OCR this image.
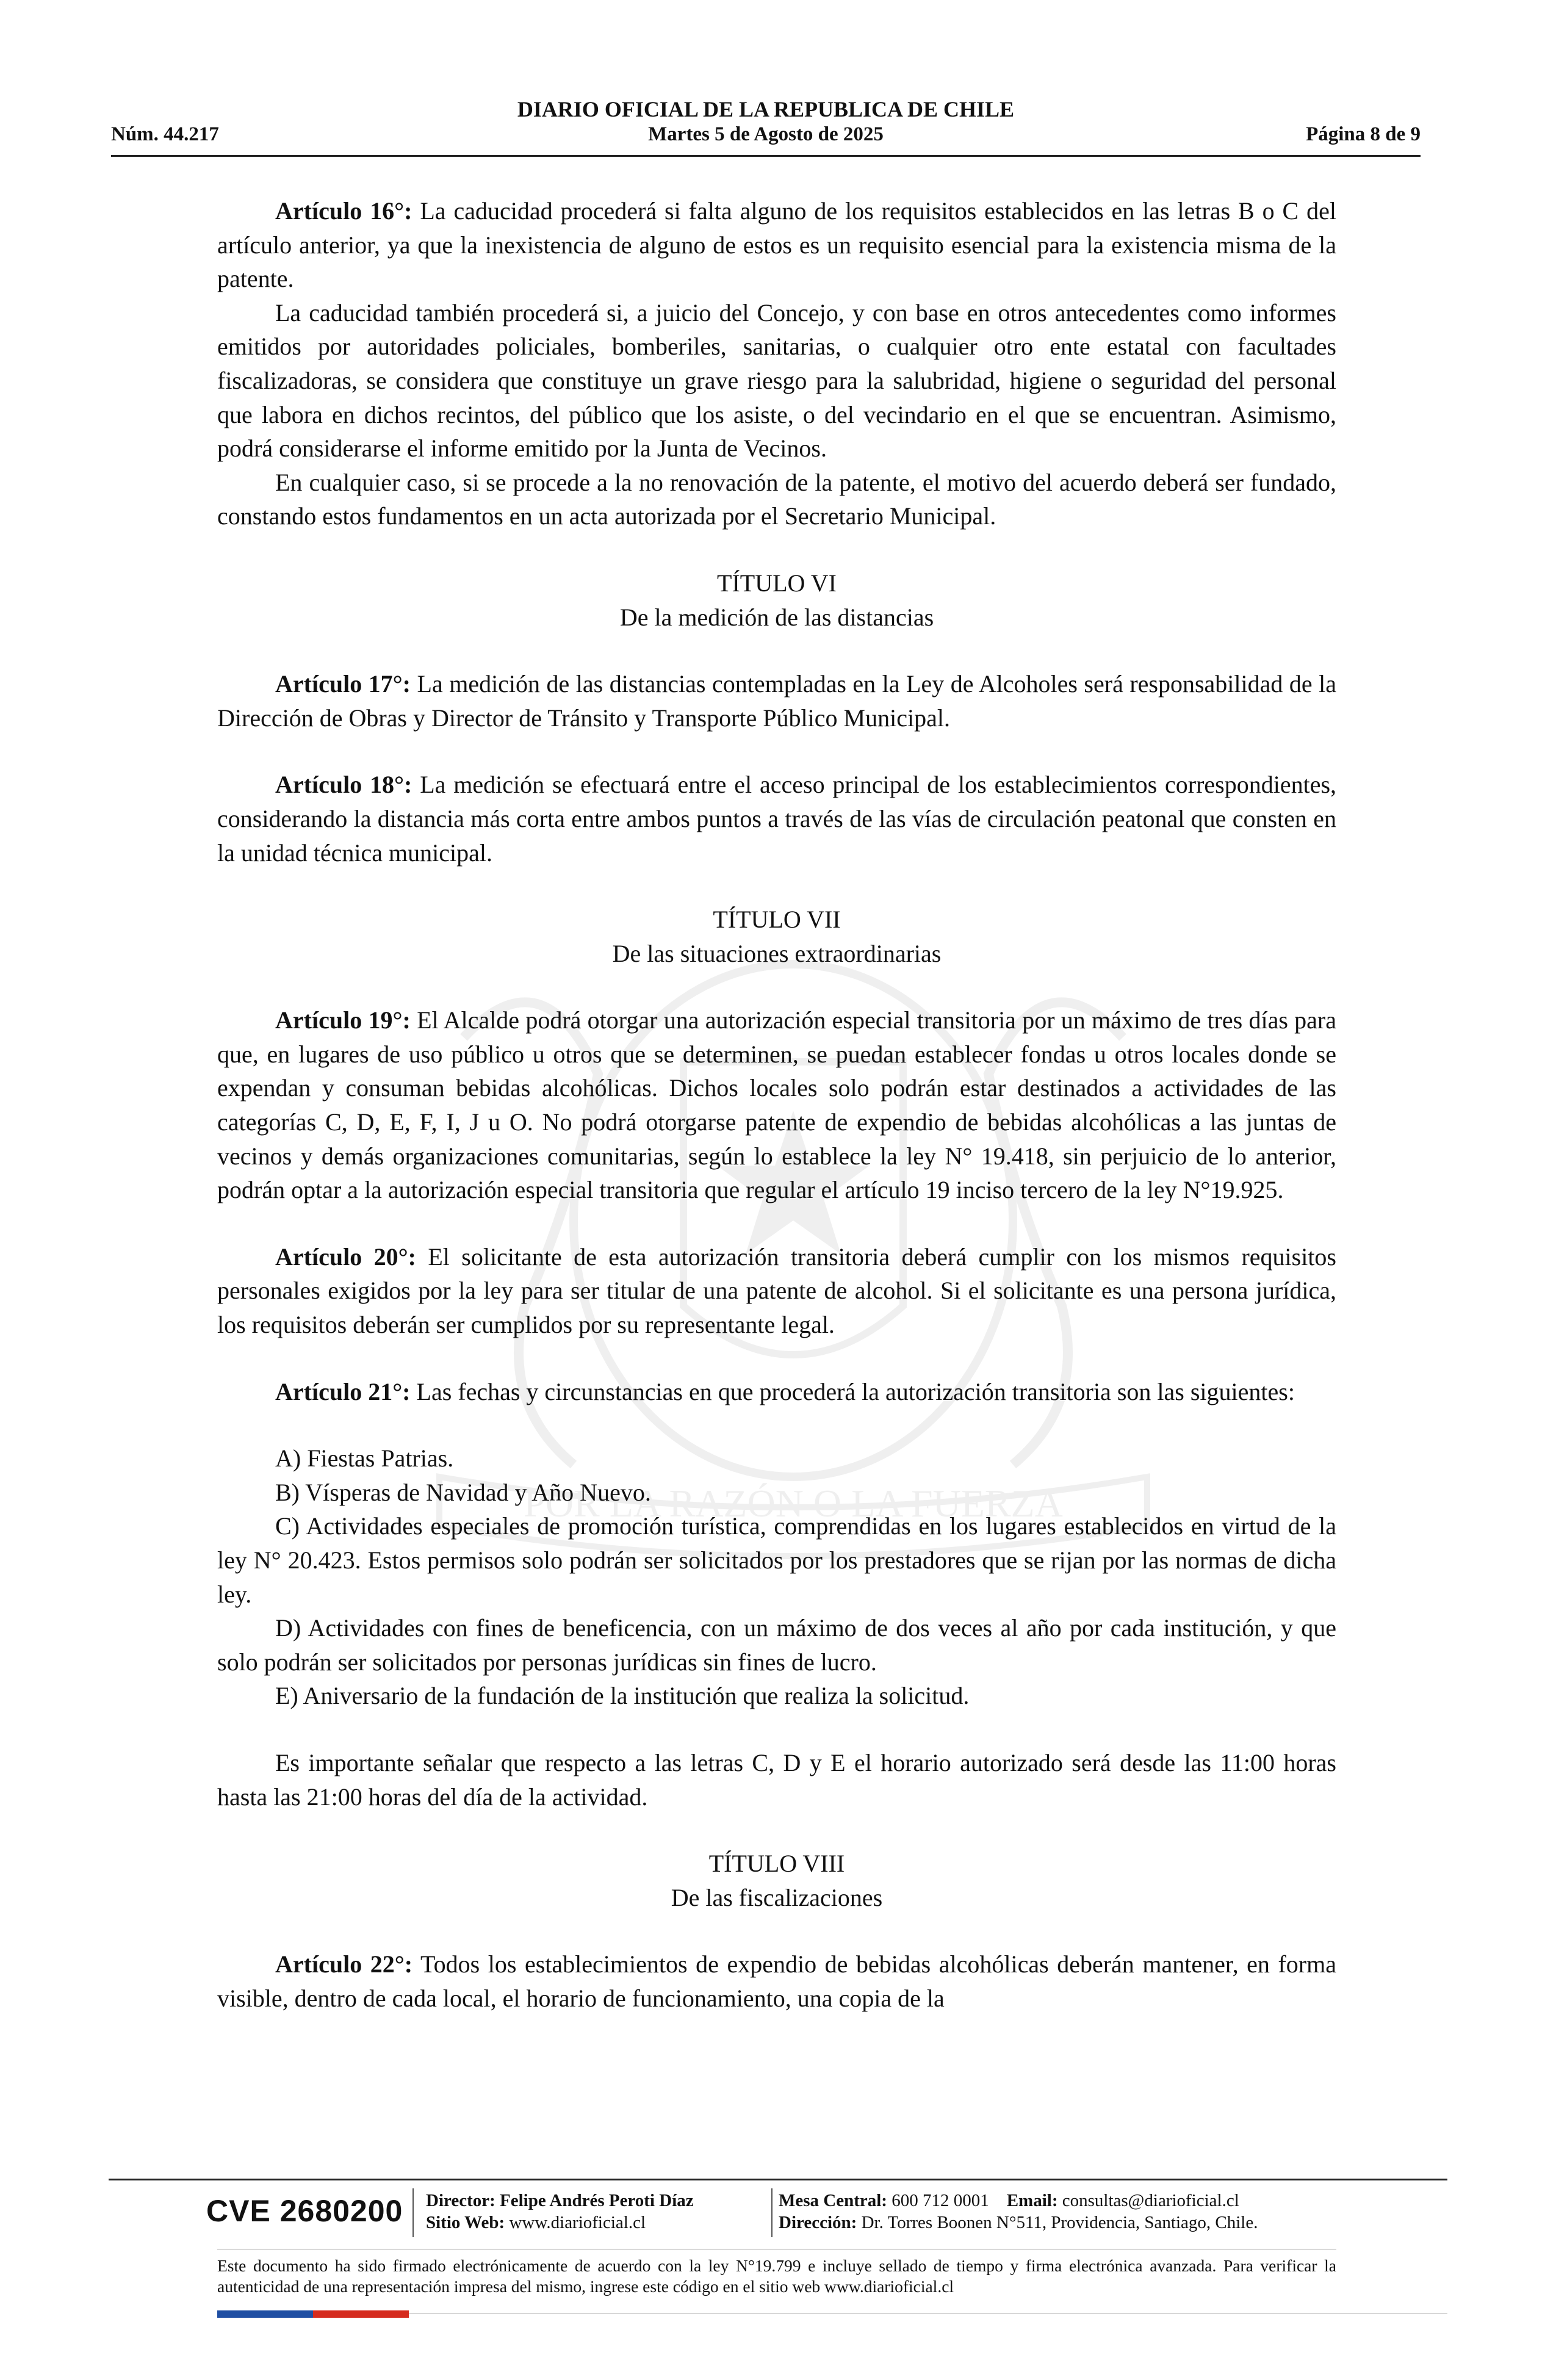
POR LA RAZÓN O LA FUERZA
DIARIO OFICIAL DE LA REPUBLICA DE CHILE
Núm. 44.217	Martes 5 de Agosto de 2025	Página 8 de 9

Artículo 16°: La caducidad procederá si falta alguno de los requisitos establecidos en las letras B o C del artículo anterior, ya que la inexistencia de alguno de estos es un requisito esencial para la existencia misma de la patente.

La caducidad también procederá si, a juicio del Concejo, y con base en otros antecedentes como informes emitidos por autoridades policiales, bomberiles, sanitarias, o cualquier otro ente estatal con facultades fiscalizadoras, se considera que constituye un grave riesgo para la salubridad, higiene o seguridad del personal que labora en dichos recintos, del público que los asiste, o del vecindario en el que se encuentran. Asimismo, podrá considerarse el informe emitido por la Junta de Vecinos.

En cualquier caso, si se procede a la no renovación de la patente, el motivo del acuerdo deberá ser fundado, constando estos fundamentos en un acta autorizada por el Secretario Municipal.

TÍTULO VI

De la medición de las distancias

Artículo 17°: La medición de las distancias contempladas en la Ley de Alcoholes será responsabilidad de la Dirección de Obras y Director de Tránsito y Transporte Público Municipal.

Artículo 18°: La medición se efectuará entre el acceso principal de los establecimientos correspondientes, considerando la distancia más corta entre ambos puntos a través de las vías de circulación peatonal que consten en la unidad técnica municipal.

TÍTULO VII

De las situaciones extraordinarias

Artículo 19°: El Alcalde podrá otorgar una autorización especial transitoria por un máximo de tres días para que, en lugares de uso público u otros que se determinen, se puedan establecer fondas u otros locales donde se expendan y consuman bebidas alcohólicas. Dichos locales solo podrán estar destinados a actividades de las categorías C, D, E, F, I, J u O. No podrá otorgarse patente de expendio de bebidas alcohólicas a las juntas de vecinos y demás organizaciones comunitarias, según lo establece la ley N° 19.418, sin perjuicio de lo anterior, podrán optar a la autorización especial transitoria que regular el artículo 19 inciso tercero de la ley N°19.925.

Artículo 20°: El solicitante de esta autorización transitoria deberá cumplir con los mismos requisitos personales exigidos por la ley para ser titular de una patente de alcohol. Si el solicitante es una persona jurídica, los requisitos deberán ser cumplidos por su representante legal.

Artículo 21°: Las fechas y circunstancias en que procederá la autorización transitoria son las siguientes:

A) Fiestas Patrias.

B) Vísperas de Navidad y Año Nuevo.

C) Actividades especiales de promoción turística, comprendidas en los lugares establecidos en virtud de la ley N° 20.423. Estos permisos solo podrán ser solicitados por los prestadores que se rijan por las normas de dicha ley.

D) Actividades con fines de beneficencia, con un máximo de dos veces al año por cada institución, y que solo podrán ser solicitados por personas jurídicas sin fines de lucro.

E) Aniversario de la fundación de la institución que realiza la solicitud.

Es importante señalar que respecto a las letras C, D y E el horario autorizado será desde las 11:00 horas hasta las 21:00 horas del día de la actividad.

TÍTULO VIII

De las fiscalizaciones

Artículo 22°: Todos los establecimientos de expendio de bebidas alcohólicas deberán mantener, en forma visible, dentro de cada local, el horario de funcionamiento, una copia de la

CVE 2680200 Director: Felipe Andrés Peroti Díaz
Sitio Web: www.diarioficial.cl
Mesa Central: 600 712 0001 Email: consultas@diarioficial.cl
Dirección: Dr. Torres Boonen N°511, Providencia, Santiago, Chile.
Este documento ha sido firmado electrónicamente de acuerdo con la ley N°19.799 e incluye sellado de tiempo y firma electrónica avanzada. Para verificar la autenticidad de una representación impresa del mismo, ingrese este código en el sitio web www.diarioficial.cl
